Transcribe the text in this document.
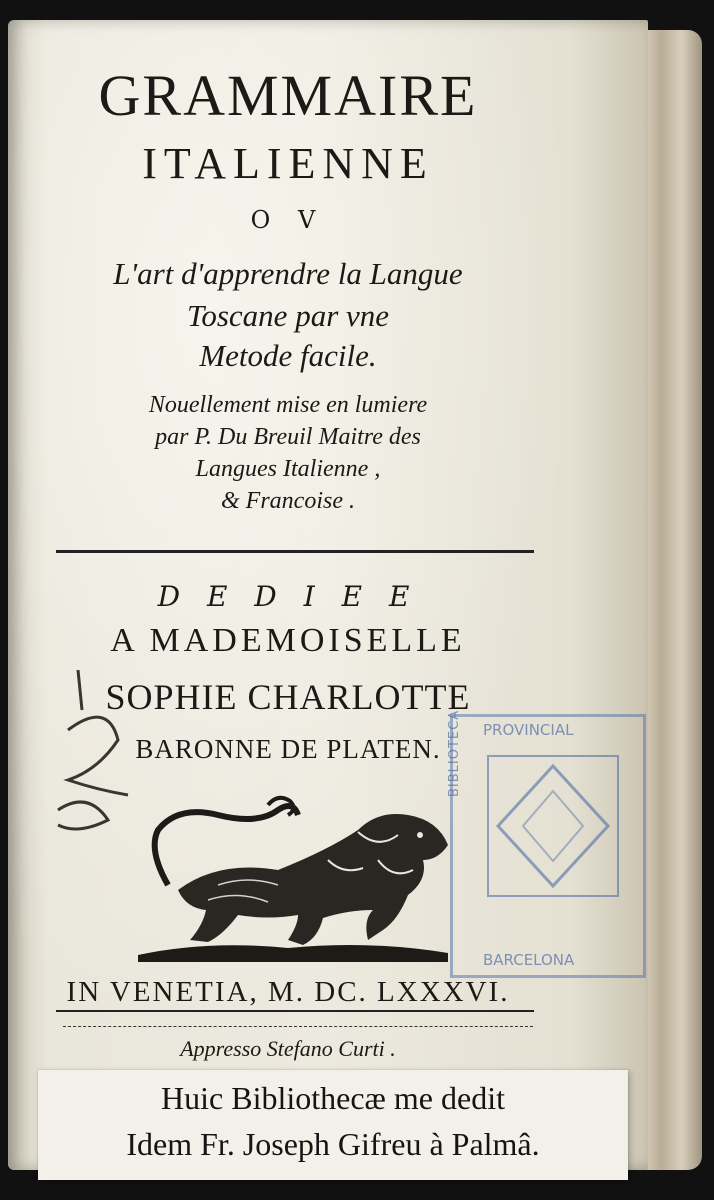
GRAMMAIRE
ITALIENNE
O V
L'art d'apprendre la Langue
Toscane par vne
Metode facile.
Nouellement mise en lumiere
par P. Du Breuil Maitre des
Langues Italienne ,
& Francoise .
D E D I E E
A MADEMOISELLE
SOPHIE CHARLOTTE
BARONNE DE PLATEN.
PROVINCIAL
BIBLIOTECA
BARCELONA
IN VENETIA, M. DC. LXXXVI.
Appresso Stefano Curti .
Huic Bibliothecæ me dedit
Idem Fr. Joseph Gifreu à Palmâ.
